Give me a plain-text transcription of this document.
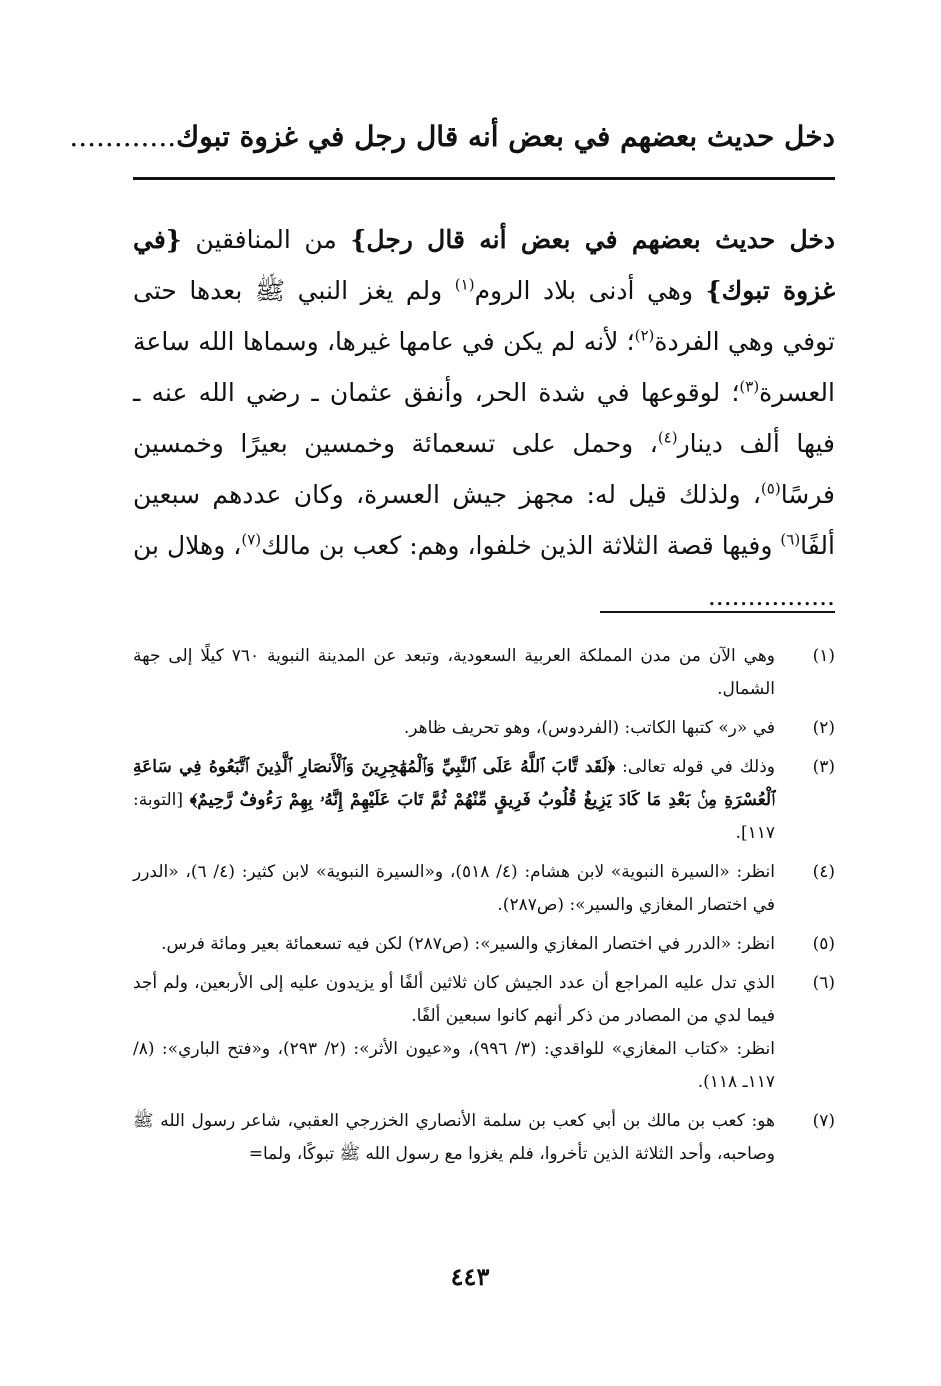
دخل حديث بعضهم في بعض أنه قال رجل في غزوة تبوك............

دخل حديث بعضهم في بعض أنه قال رجل} من المنافقين {في غزوة تبوك} وهي أدنى بلاد الروم$^{(١)}$ ولم يغز النبي ﷺ بعدها حتى توفي وهي الفردة$^{(٢)}$؛ لأنه لم يكن في عامها غيرها، وسماها الله ساعة العسرة$^{(٣)}$؛ لوقوعها في شدة الحر، وأنفق عثمان ـ رضي الله عنه ـ فيها ألف دينار$^{(٤)}$، وحمل على تسعمائة وخمسين بعيرًا وخمسين فرسًا$^{(٥)}$، ولذلك قيل له: مجهز جيش العسرة، وكان عددهم سبعين ألفًا$^{(٦)}$ وفيها قصة الثلاثة الذين خلفوا، وهم: كعب بن مالك$^{(٧)}$، وهلال بن ................

(١)

وهي الآن من مدن المملكة العربية السعودية، وتبعد عن المدينة النبوية ٧٦٠ كيلًا إلى جهة الشمال.

(٢)

في «ر» كتبها الكاتب: (الفردوس)، وهو تحريف ظاهر.

(٣)

وذلك في قوله تعالى: ﴿لَقَد تَّابَ ٱللَّهُ عَلَى ٱلنَّبِيِّ وَٱلْمُهَٰجِرِينَ وَٱلْأَنصَارِ ٱلَّذِينَ ٱتَّبَعُوهُ فِي سَاعَةِ ٱلْعُسْرَةِ مِنۢ بَعْدِ مَا كَادَ يَزِيغُ قُلُوبُ فَرِيقٍ مِّنْهُمْ ثُمَّ تَابَ عَلَيْهِمْ إِنَّهُۥ بِهِمْ رَءُوفٌ رَّحِيمٌ﴾ [التوبة: ١١٧].

(٤)

انظر: «السيرة النبوية» لابن هشام: (٤/ ٥١٨)، و«السيرة النبوية» لابن كثير: (٤/ ٦)، «الدرر في اختصار المغازي والسير»: (ص٢٨٧).

(٥)

انظر: «الدرر في اختصار المغازي والسير»: (ص٢٨٧) لكن فيه تسعمائة بعير ومائة فرس.

(٦)

الذي تدل عليه المراجع أن عدد الجيش كان ثلاثين ألفًا أو يزيدون عليه إلى الأربعين، ولم أجد فيما لدي من المصادر من ذكر أنهم كانوا سبعين ألفًا.

انظر: «كتاب المغازي» للواقدي: (٣/ ٩٩٦)، و«عيون الأثر»: (٢/ ٢٩٣)، و«فتح الباري»: (٨/ ١١٧ـ ١١٨).

(٧)

هو: كعب بن مالك بن أبي كعب بن سلمة الأنصاري الخزرجي العقبي، شاعر رسول الله ﷺ وصاحبه، وأحد الثلاثة الذين تأخروا، فلم يغزوا مع رسول الله ﷺ تبوكًا، ولما=

٤٤٣
